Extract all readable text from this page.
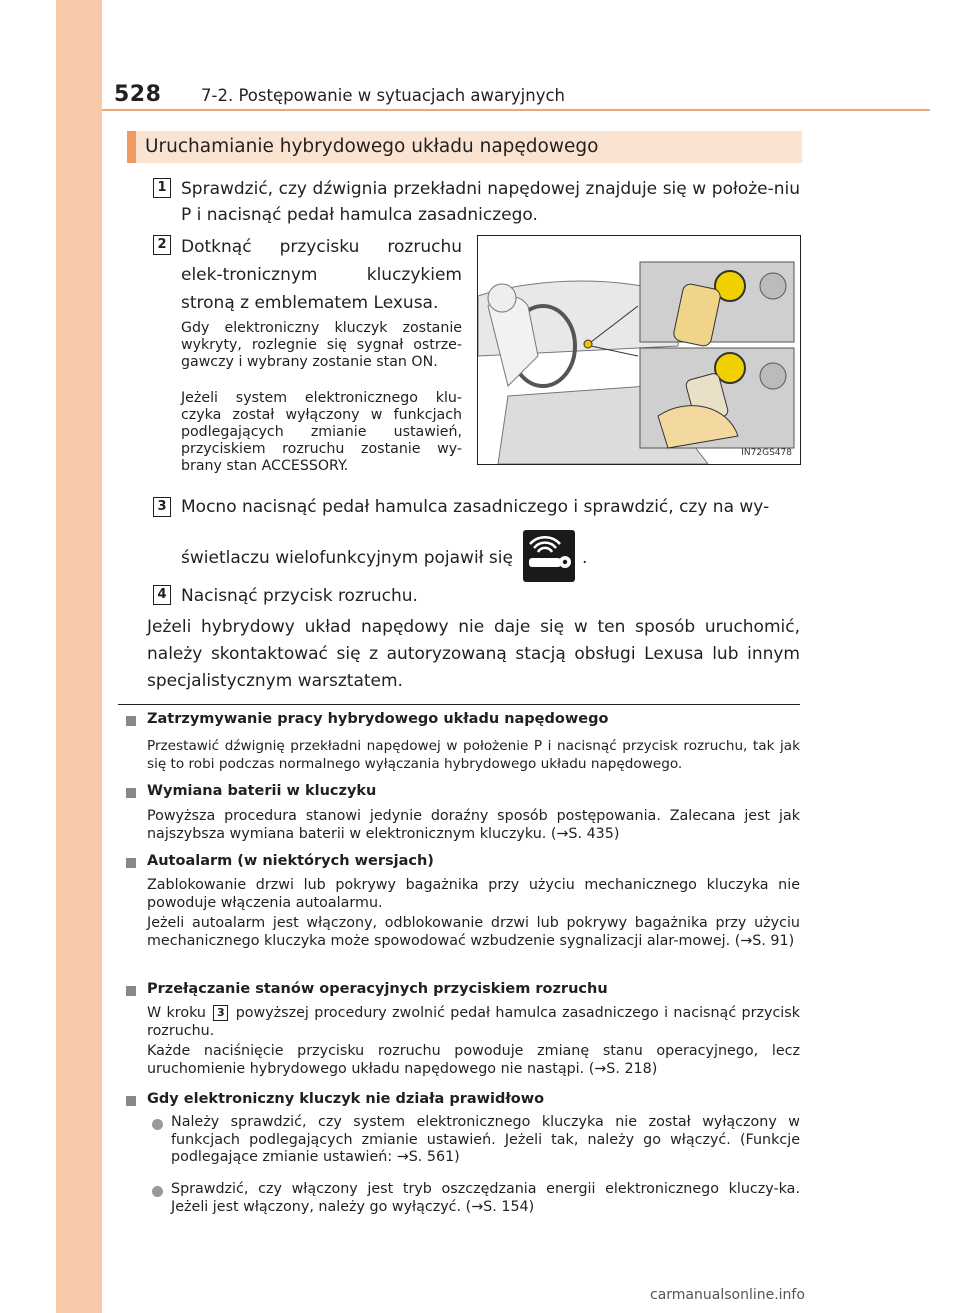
528 7-2. Postępowanie w sytuacjach awaryjnych
Uruchamianie hybrydowego układu napędowego
1 Sprawdzić, czy dźwignia przekładni napędowej znajduje się w położe-niu P i nacisnąć pedał hamulca zasadniczego.
2 Dotknąć przycisku rozruchu elek-tronicznym kluczykiem stroną z emblematem Lexusa.
Gdy elektroniczny kluczyk zostanie wykryty, rozlegnie się sygnał ostrze-gawczy i wybrany zostanie stan ON.
Jeżeli system elektronicznego klu-czyka został wyłączony w funkcjach podlegających zmianie ustawień, przyciskiem rozruchu zostanie wy-brany stan ACCESSORY.
IN72GS478
3 Mocno nacisnąć pedał hamulca zasadniczego i sprawdzić, czy na wy-
świetlaczu wielofunkcyjnym pojawił się	.
4 Nacisnąć przycisk rozruchu.
Jeżeli hybrydowy układ napędowy nie daje się w ten sposób uruchomić, należy skontaktować się z autoryzowaną stacją obsługi Lexusa lub innym specjalistycznym warsztatem.
Zatrzymywanie pracy hybrydowego układu napędowego
Przestawić dźwignię przekładni napędowej w położenie P i nacisnąć przycisk rozruchu, tak jak się to robi podczas normalnego wyłączania hybrydowego układu napędowego.
Wymiana baterii w kluczyku
Powyższa procedura stanowi jedynie doraźny sposób postępowania. Zalecana jest jak najszybsza wymiana baterii w elektronicznym kluczyku. (→S. 435)
Autoalarm (w niektórych wersjach)
Zablokowanie drzwi lub pokrywy bagażnika przy użyciu mechanicznego kluczyka nie powoduje włączenia autoalarmu.
Jeżeli autoalarm jest włączony, odblokowanie drzwi lub pokrywy bagażnika przy użyciu mechanicznego kluczyka może spowodować wzbudzenie sygnalizacji alar-mowej. (→S. 91)
Przełączanie stanów operacyjnych przyciskiem rozruchu
W kroku 3 powyższej procedury zwolnić pedał hamulca zasadniczego i nacisnąć przycisk rozruchu.
Każde naciśnięcie przycisku rozruchu powoduje zmianę stanu operacyjnego, lecz uruchomienie hybrydowego układu napędowego nie nastąpi. (→S. 218)
Gdy elektroniczny kluczyk nie działa prawidłowo
Należy sprawdzić, czy system elektronicznego kluczyka nie został wyłączony w funkcjach podlegających zmianie ustawień. Jeżeli tak, należy go włączyć. (Funkcje podlegające zmianie ustawień: →S. 561)
Sprawdzić, czy włączony jest tryb oszczędzania energii elektronicznego kluczy-ka. Jeżeli jest włączony, należy go wyłączyć. (→S. 154)
carmanualsonline.info
